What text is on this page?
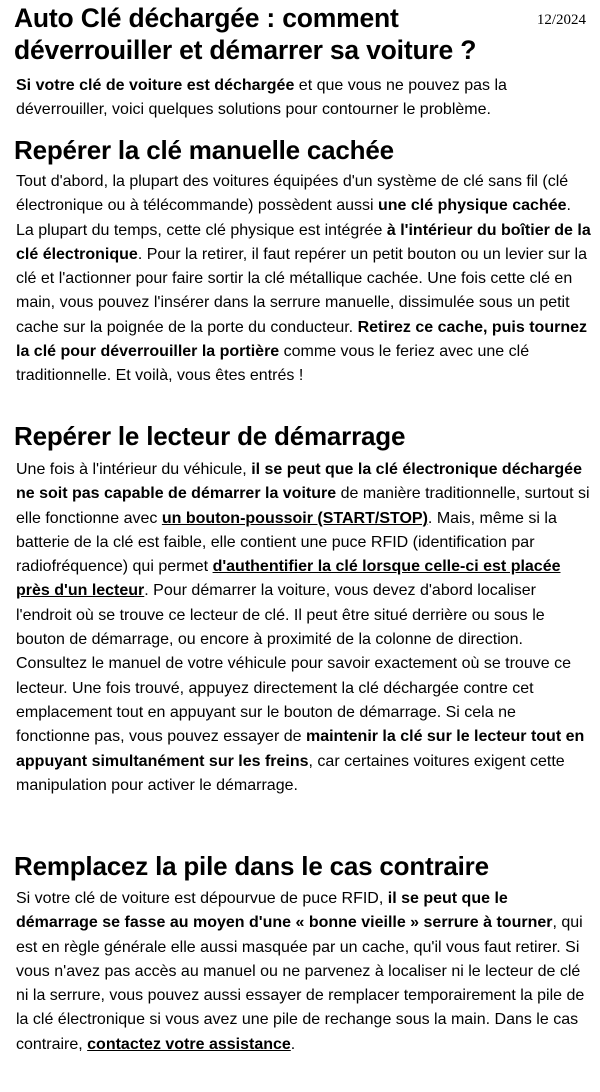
12/2024
Auto Clé déchargée : comment
déverrouiller et démarrer sa voiture ?

Si votre clé de voiture est déchargée et que vous ne pouvez pas la déverrouiller, voici quelques solutions pour contourner le problème.

Repérer la clé manuelle cachée

Tout d'abord, la plupart des voitures équipées d'un système de clé sans fil (clé électronique ou à télécommande) possèdent aussi une clé physique cachée. La plupart du temps, cette clé physique est intégrée à l'intérieur du boîtier de la clé électronique. Pour la retirer, il faut repérer un petit bouton ou un levier sur la clé et l'actionner pour faire sortir la clé métallique cachée. Une fois cette clé en main, vous pouvez l'insérer dans la serrure manuelle, dissimulée sous un petit cache sur la poignée de la porte du conducteur. Retirez ce cache, puis tournez la clé pour déverrouiller la portière comme vous le feriez avec une clé traditionnelle. Et voilà, vous êtes entrés !

Repérer le lecteur de démarrage

Une fois à l'intérieur du véhicule, il se peut que la clé électronique déchargée ne soit pas capable de démarrer la voiture de manière traditionnelle, surtout si elle fonctionne avec un bouton-poussoir (START/STOP). Mais, même si la batterie de la clé est faible, elle contient une puce RFID (identification par radiofréquence) qui permet d'authentifier la clé lorsque celle-ci est placée près d'un lecteur. Pour démarrer la voiture, vous devez d'abord localiser l'endroit où se trouve ce lecteur de clé. Il peut être situé derrière ou sous le bouton de démarrage, ou encore à proximité de la colonne de direction. Consultez le manuel de votre véhicule pour savoir exactement où se trouve ce lecteur. Une fois trouvé, appuyez directement la clé déchargée contre cet emplacement tout en appuyant sur le bouton de démarrage. Si cela ne fonctionne pas, vous pouvez essayer de maintenir la clé sur le lecteur tout en appuyant simultanément sur les freins, car certaines voitures exigent cette manipulation pour activer le démarrage.

Remplacez la pile dans le cas contraire

Si votre clé de voiture est dépourvue de puce RFID, il se peut que le démarrage se fasse au moyen d'une « bonne vieille » serrure à tourner, qui est en règle générale elle aussi masquée par un cache, qu'il vous faut retirer. Si vous n'avez pas accès au manuel ou ne parvenez à localiser ni le lecteur de clé ni la serrure, vous pouvez aussi essayer de remplacer temporairement la pile de la clé électronique si vous avez une pile de rechange sous la main. Dans le cas contraire, contactez votre assistance.
